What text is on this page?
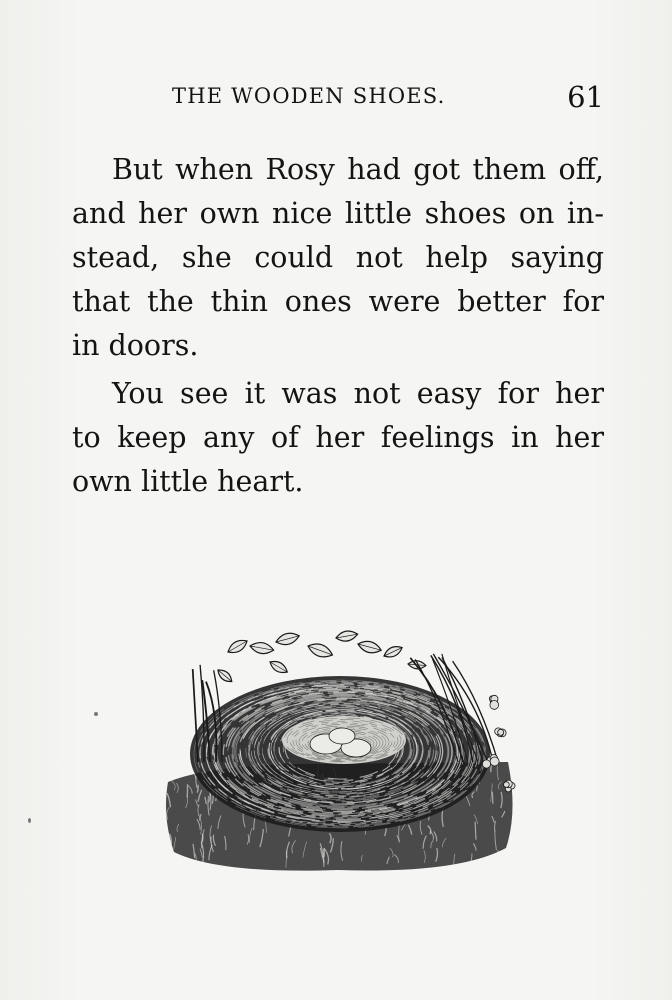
THE WOODEN SHOES.	61
But when Rosy had got them off,
and her own nice little shoes on in-
stead, she could not help saying
that the thin ones were better for
in doors.
You see it was not easy for her
to keep any of her feelings in her
own little heart.
